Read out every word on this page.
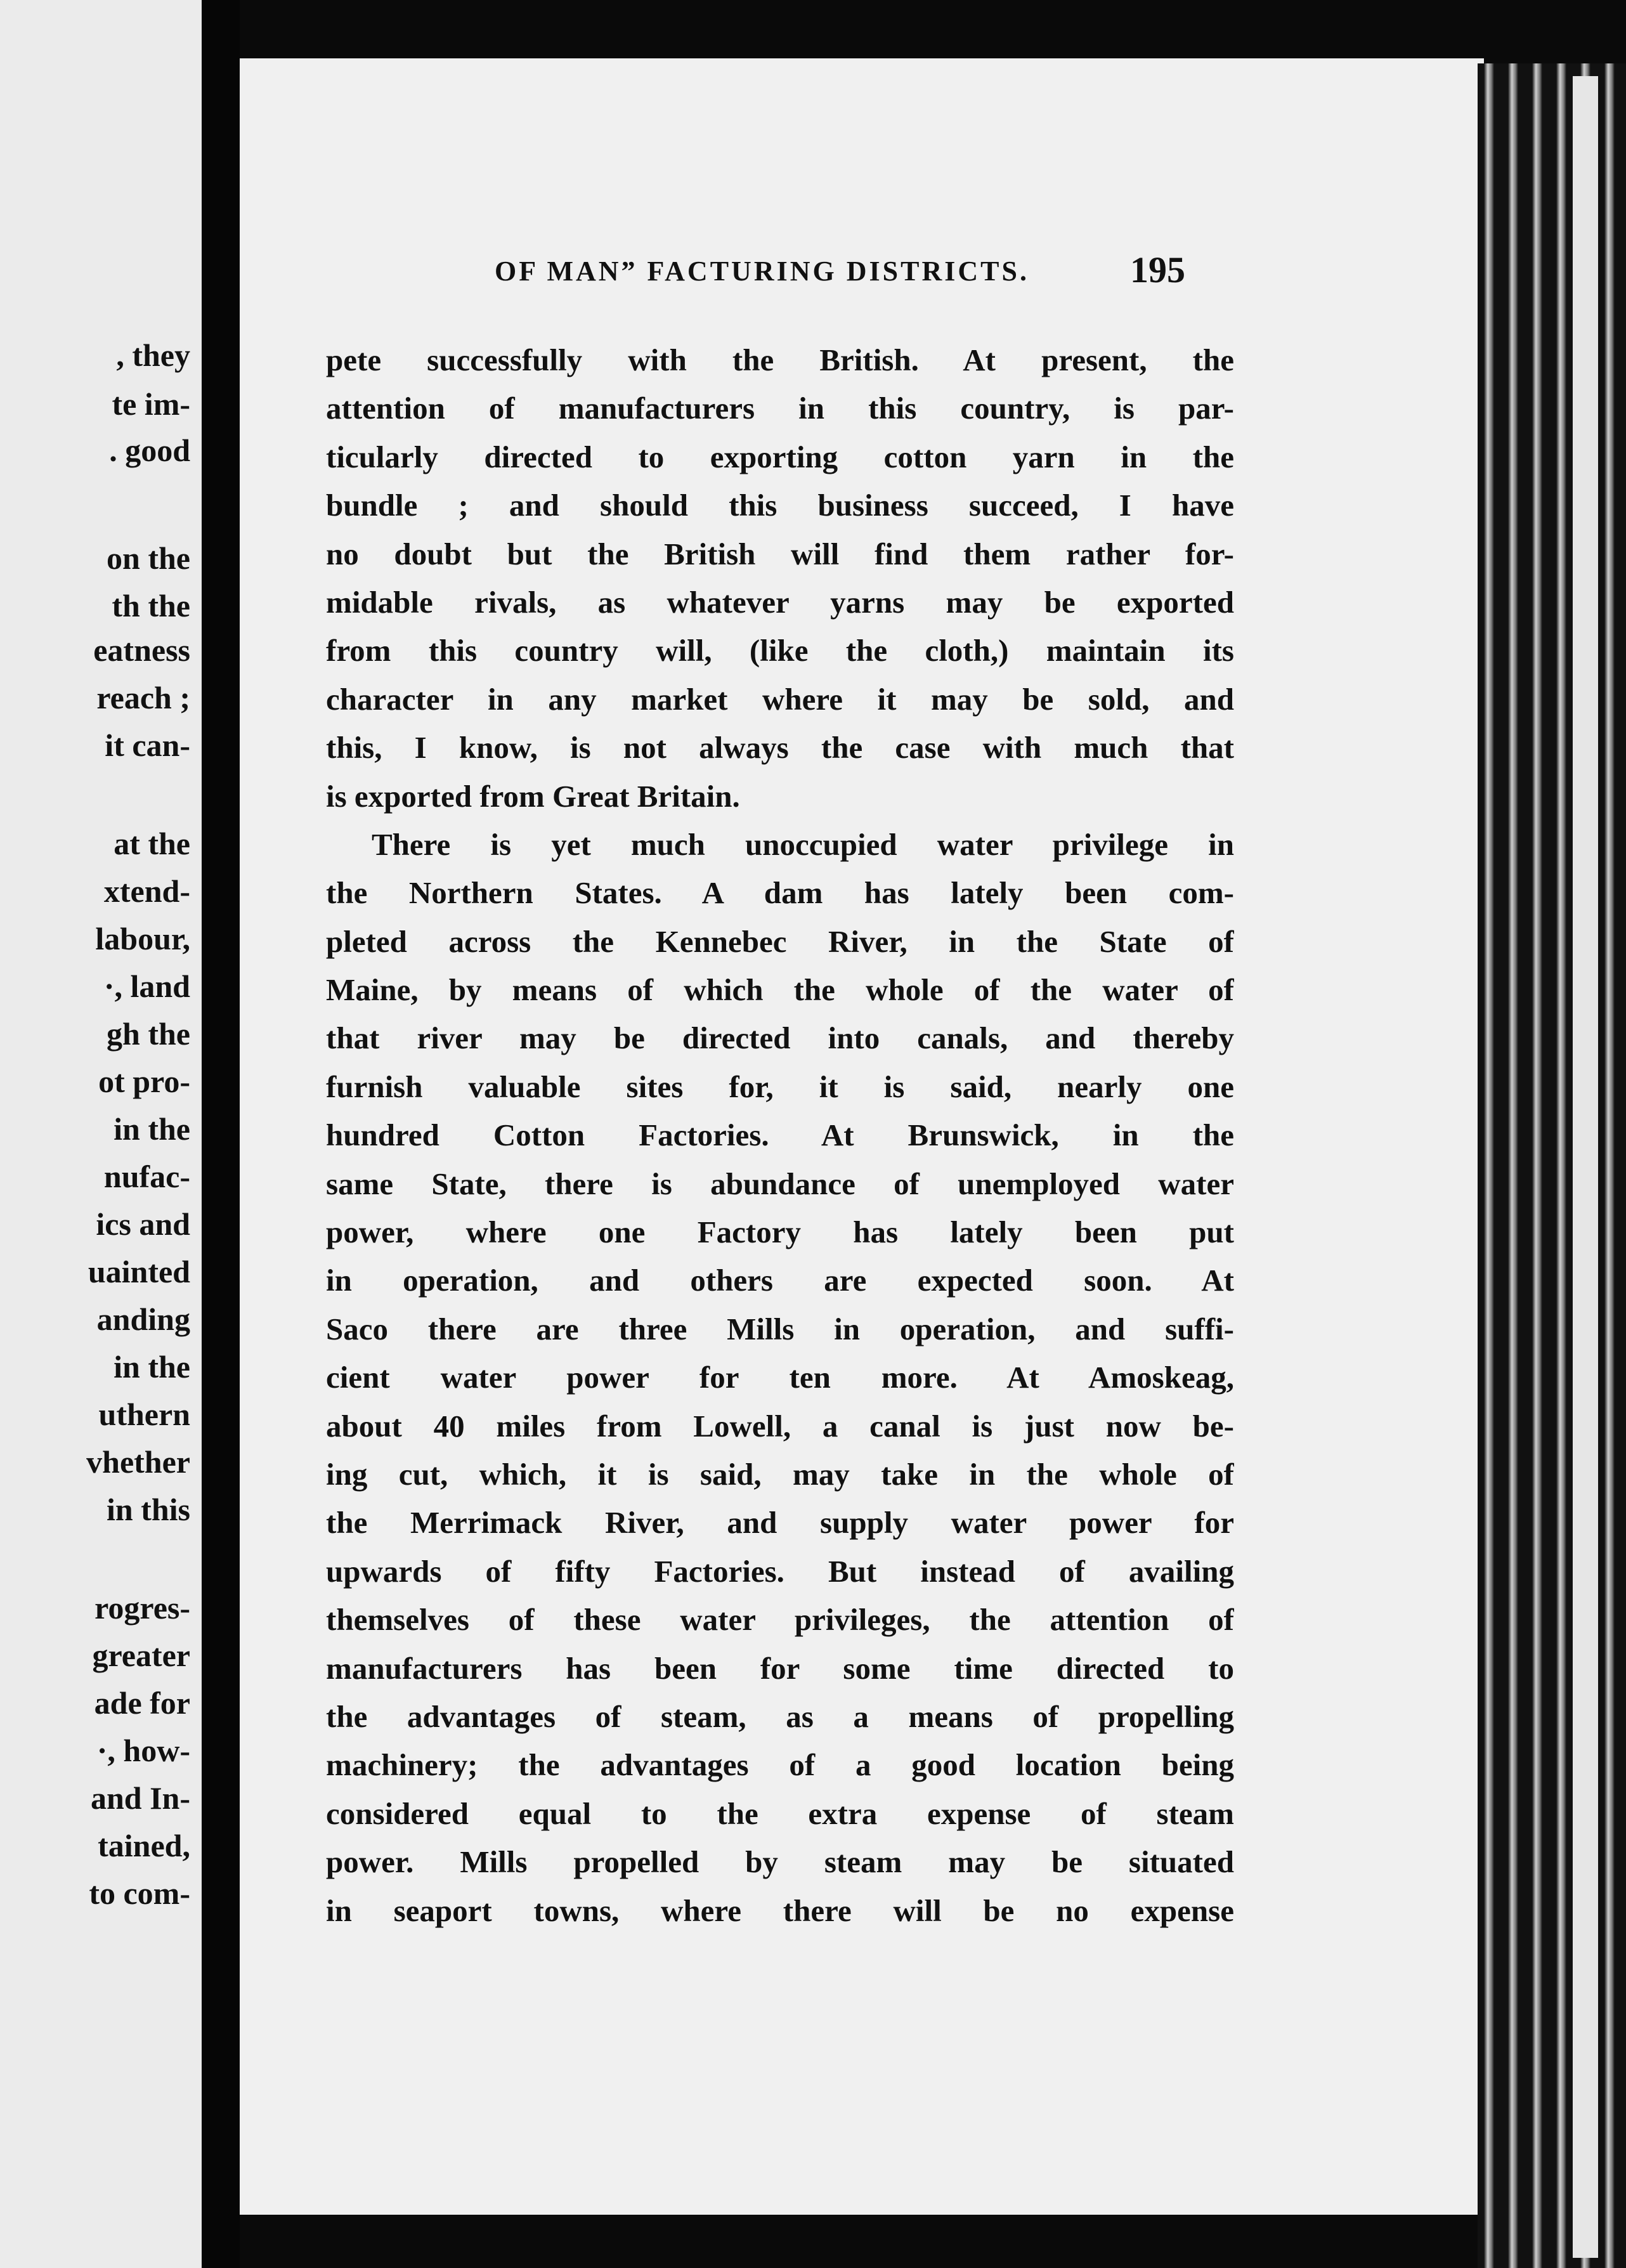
, they
te im-
. good
on the
th the
eatness
reach ;
it can-
at the
xtend-
labour,
·, land
gh the
ot pro-
in the
nufac-
ics and
uainted
anding
in the
uthern
vhether
in this
rogres-
greater
ade for
·, how-
and In-
tained,
to com-
OF MAN” FACTURING DISTRICTS.	195
pete successfully with the British. At present, the
attention of manufacturers in this country, is par-
ticularly directed to exporting cotton yarn in the
bundle ; and should this business succeed, I have
no doubt but the British will find them rather for-
midable rivals, as whatever yarns may be exported
from this country will, (like the cloth,) maintain its
character in any market where it may be sold, and
this, I know, is not always the case with much that
is exported from Great Britain.
There is yet much unoccupied water privilege in
the Northern States. A dam has lately been com-
pleted across the Kennebec River, in the State of
Maine, by means of which the whole of the water of
that river may be directed into canals, and thereby
furnish valuable sites for, it is said, nearly one
hundred Cotton Factories. At Brunswick, in the
same State, there is abundance of unemployed water
power, where one Factory has lately been put
in operation, and others are expected soon. At
Saco there are three Mills in operation, and suffi-
cient water power for ten more. At Amoskeag,
about 40 miles from Lowell, a canal is just now be-
ing cut, which, it is said, may take in the whole of
the Merrimack River, and supply water power for
upwards of fifty Factories. But instead of availing
themselves of these water privileges, the attention of
manufacturers has been for some time directed to
the advantages of steam, as a means of propelling
machinery; the advantages of a good location being
considered equal to the extra expense of steam
power. Mills propelled by steam may be situated
in seaport towns, where there will be no expense
